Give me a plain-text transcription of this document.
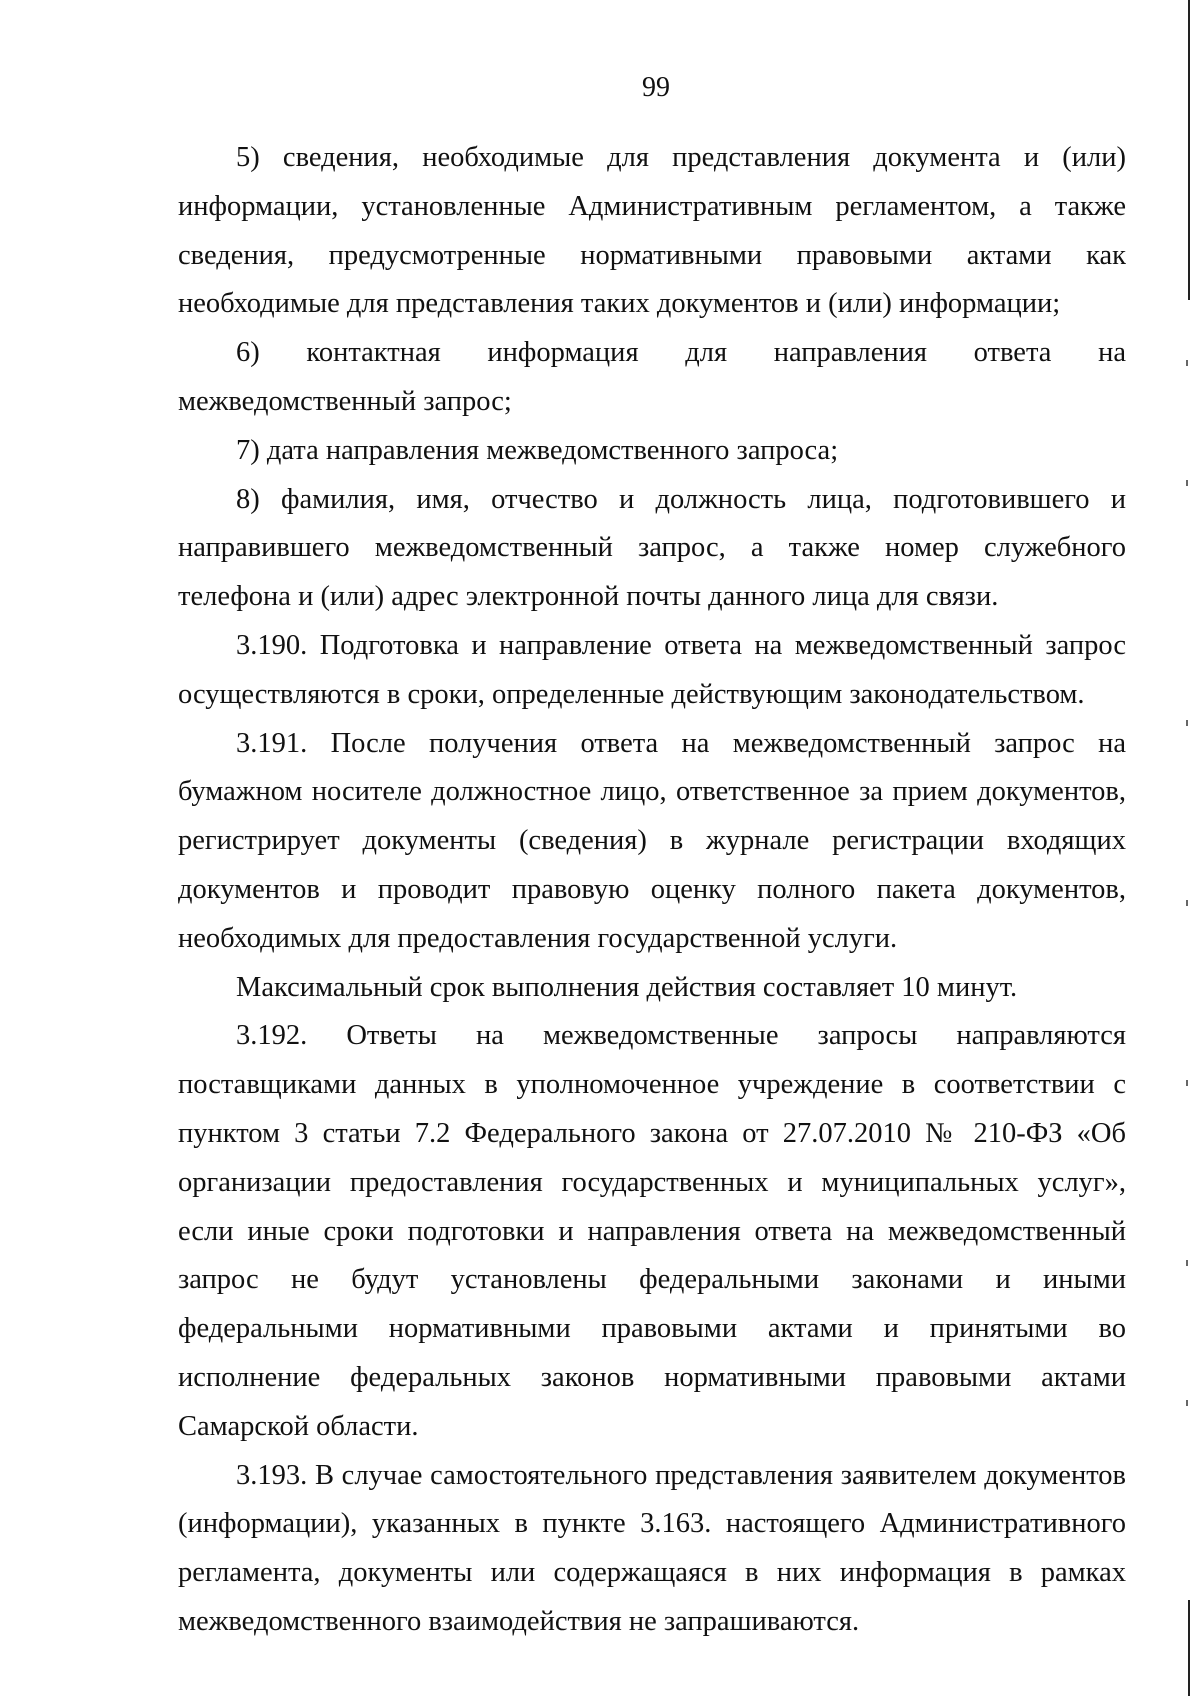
99

5) сведения, необходимые для представления документа и (или) информации, установленные Административным регламентом, а также сведения, предусмотренные нормативными правовыми актами как необходимые для представления таких документов и (или) информации;

6) контактная информация для направления ответа на межведомственный запрос;

7) дата направления межведомственного запроса;

8) фамилия, имя, отчество и должность лица, подготовившего и направившего межведомственный запрос, а также номер служебного телефона и (или) адрес электронной почты данного лица для связи.

3.190. Подготовка и направление ответа на межведомственный запрос осуществляются в сроки, определенные действующим законодательством.

3.191. После получения ответа на межведомственный запрос на бумажном носителе должностное лицо, ответственное за прием документов, регистрирует документы (сведения) в журнале регистрации входящих документов и проводит правовую оценку полного пакета документов, необходимых для предоставления государственной услуги.

Максимальный срок выполнения действия составляет 10 минут.

3.192. Ответы на межведомственные запросы направляются поставщиками данных в уполномоченное учреждение в соответствии с пунктом 3 статьи 7.2 Федерального закона от 27.07.2010 № 210-ФЗ «Об организации предоставления государственных и муниципальных услуг», если иные сроки подготовки и направления ответа на межведомственный запрос не будут установлены федеральными законами и иными федеральными нормативными правовыми актами и принятыми во исполнение федеральных законов нормативными правовыми актами Самарской области.

3.193. В случае самостоятельного представления заявителем документов (информации), указанных в пункте 3.163. настоящего Административного регламента, документы или содержащаяся в них информация в рамках межведомственного взаимодействия не запрашиваются.
